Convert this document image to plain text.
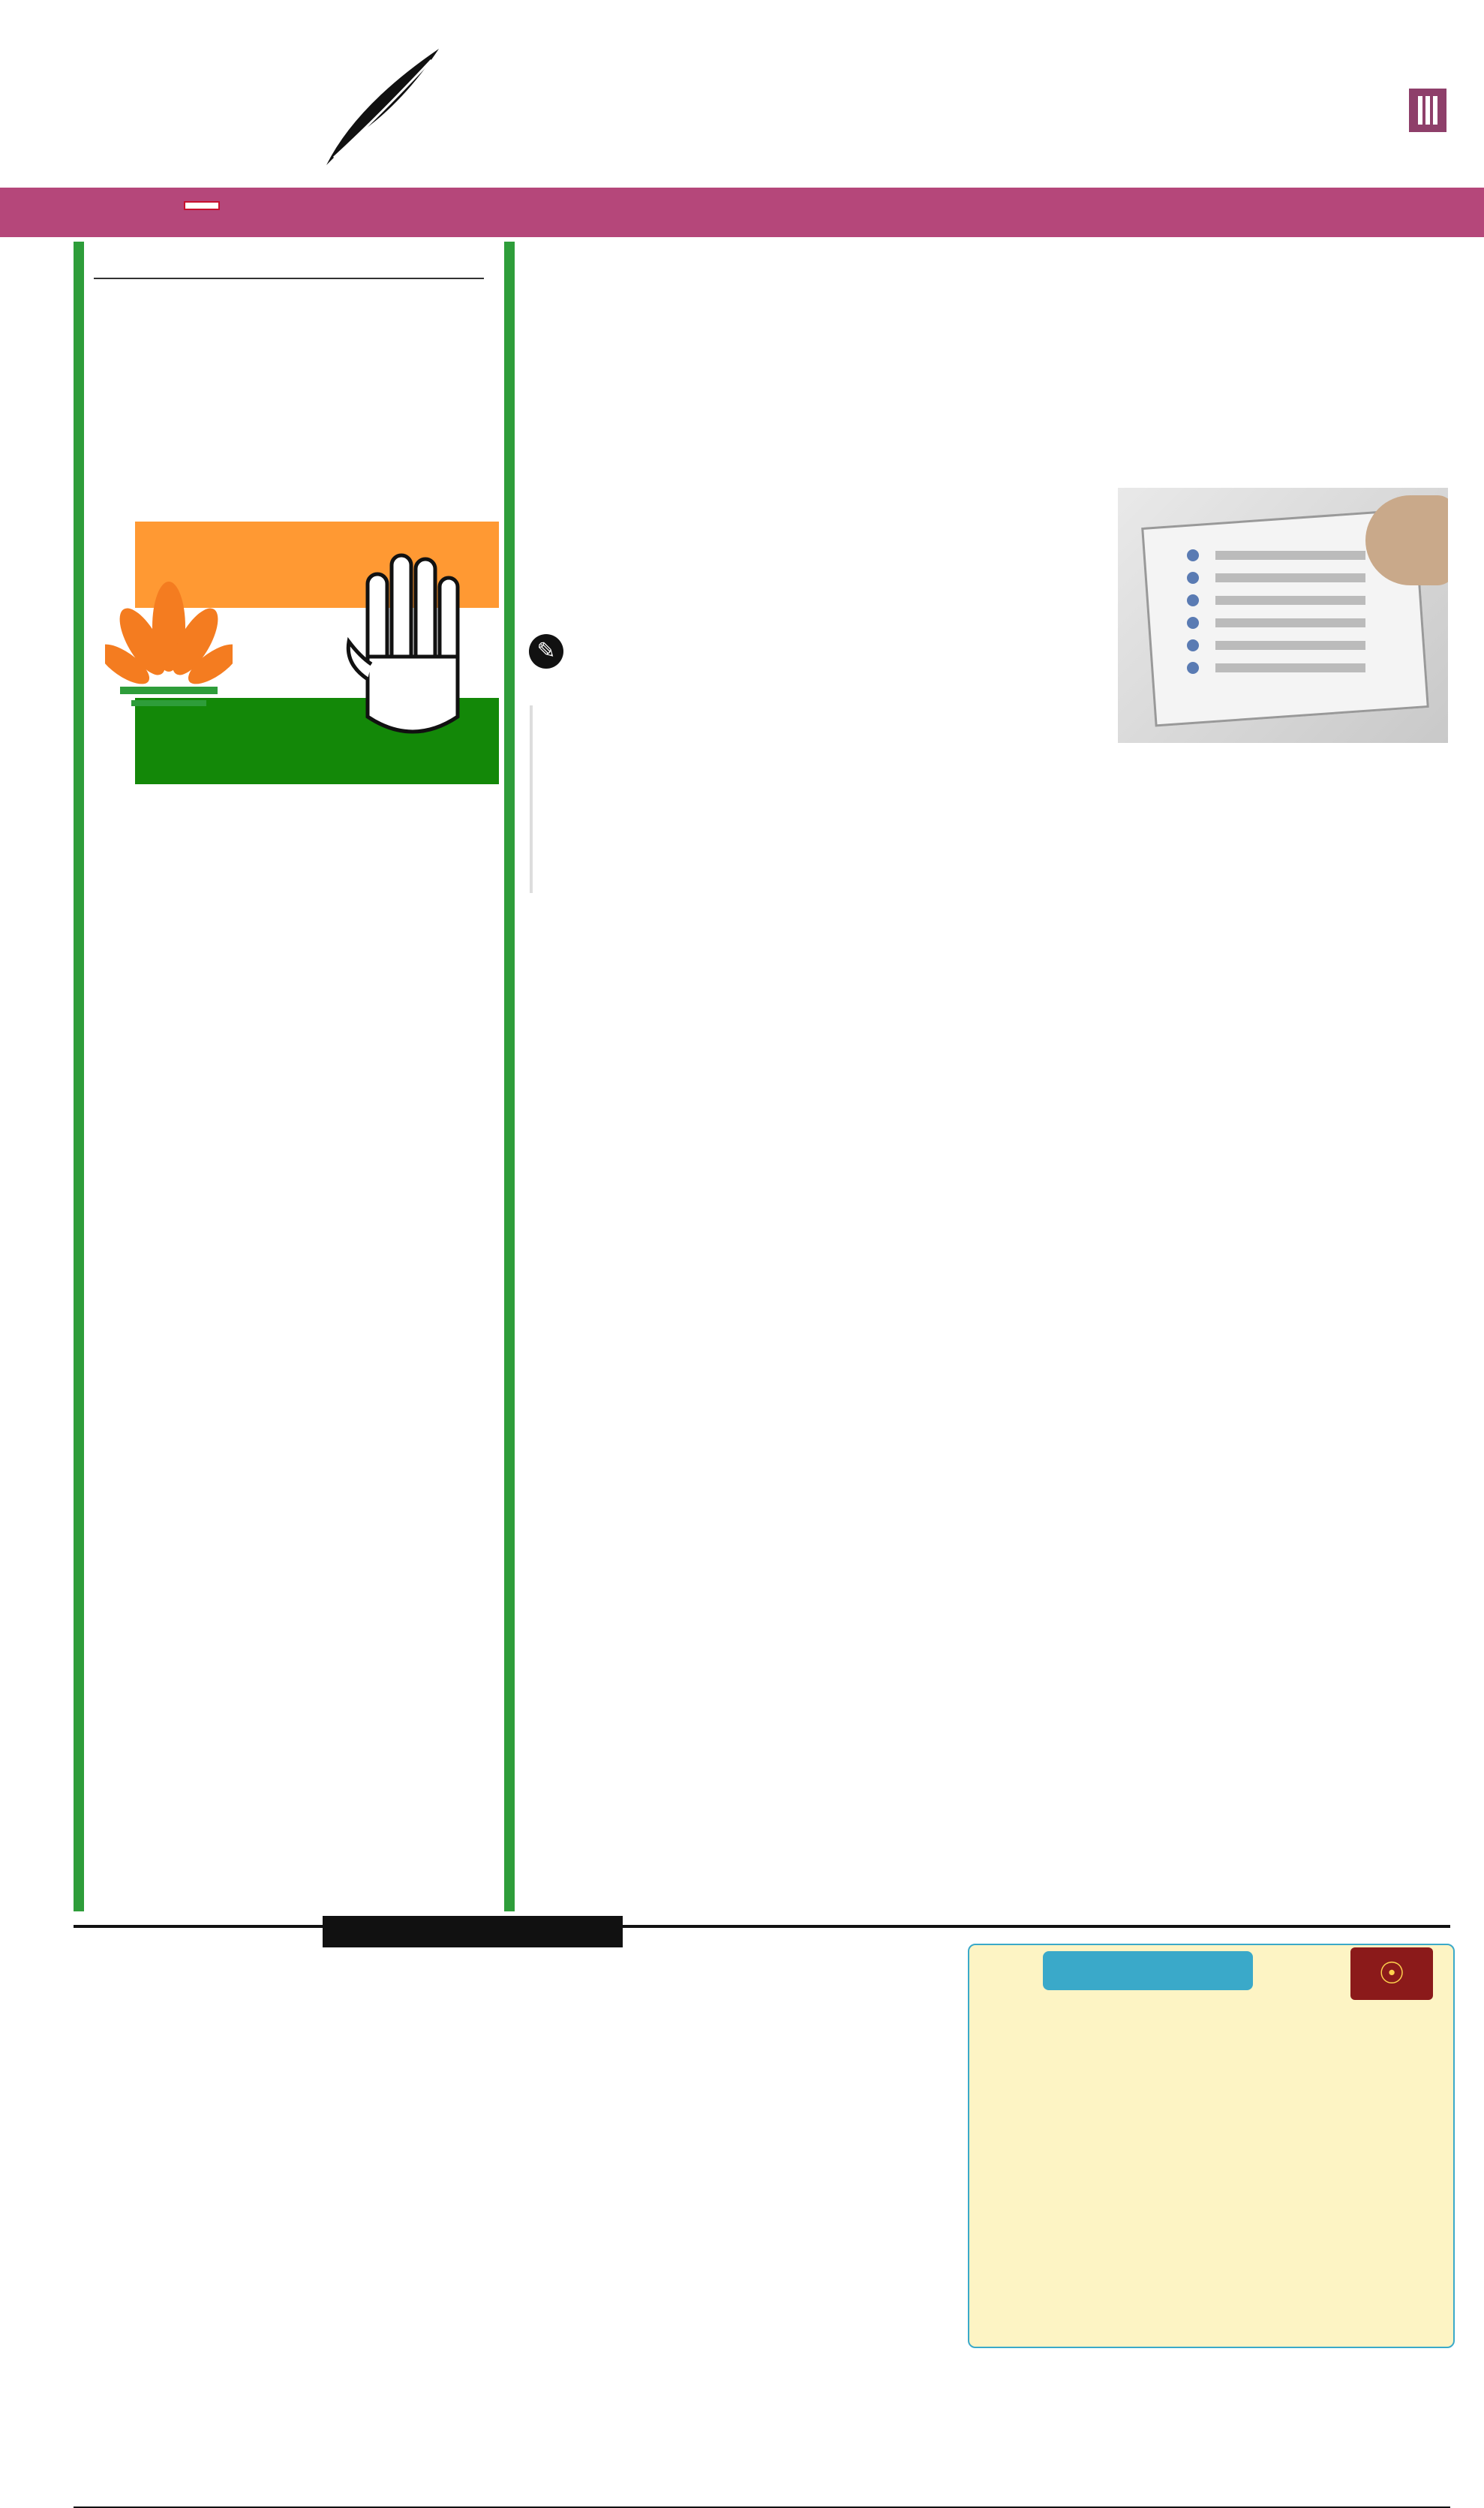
✎
☉
